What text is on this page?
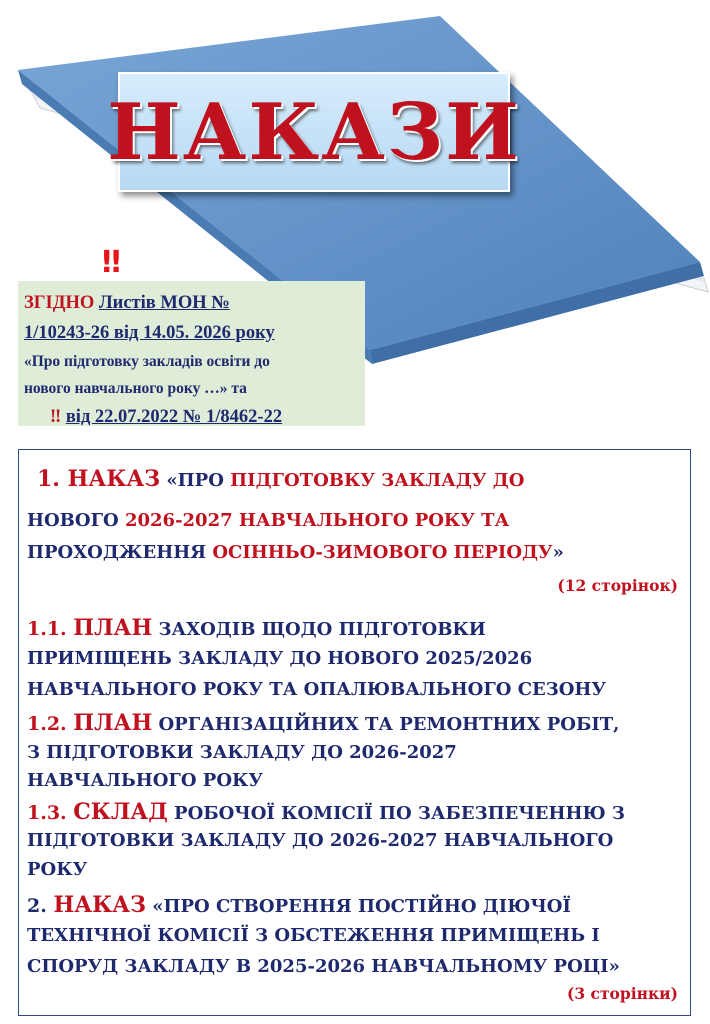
НАКАЗИ
‼
ЗГІДНО Листів МОН №
1/10243-26 від 14.05. 2026 року
«Про підготовку закладів освіти до
нового навчального року …» та
‼ від 22.07.2022 № 1/8462-22
1. НАКАЗ «ПРО ПІДГОТОВКУ ЗАКЛАДУ ДО
НОВОГО 2026-2027 НАВЧАЛЬНОГО РОКУ ТА
ПРОХОДЖЕННЯ ОСІННЬО-ЗИМОВОГО ПЕРІОДУ»
(12 сторінок)
1.1. ПЛАН ЗАХОДІВ ЩОДО ПІДГОТОВКИ
ПРИМІЩЕНЬ ЗАКЛАДУ ДО НОВОГО 2025/2026
НАВЧАЛЬНОГО РОКУ ТА ОПАЛЮВАЛЬНОГО СЕЗОНУ
1.2. ПЛАН ОРГАНІЗАЦІЙНИХ ТА РЕМОНТНИХ РОБІТ,
З ПІДГОТОВКИ ЗАКЛАДУ ДО 2026-2027
НАВЧАЛЬНОГО РОКУ
1.3. СКЛАД РОБОЧОЇ КОМІСІЇ ПО ЗАБЕЗПЕЧЕННЮ З
ПІДГОТОВКИ ЗАКЛАДУ ДО 2026-2027 НАВЧАЛЬНОГО
РОКУ
2. НАКАЗ «ПРО СТВОРЕННЯ ПОСТІЙНО ДІЮЧОЇ
ТЕХНІЧНОЇ КОМІСІЇ З ОБСТЕЖЕННЯ ПРИМІЩЕНЬ І
СПОРУД ЗАКЛАДУ В 2025-2026 НАВЧАЛЬНОМУ РОЦІ»
(3 сторінки)
